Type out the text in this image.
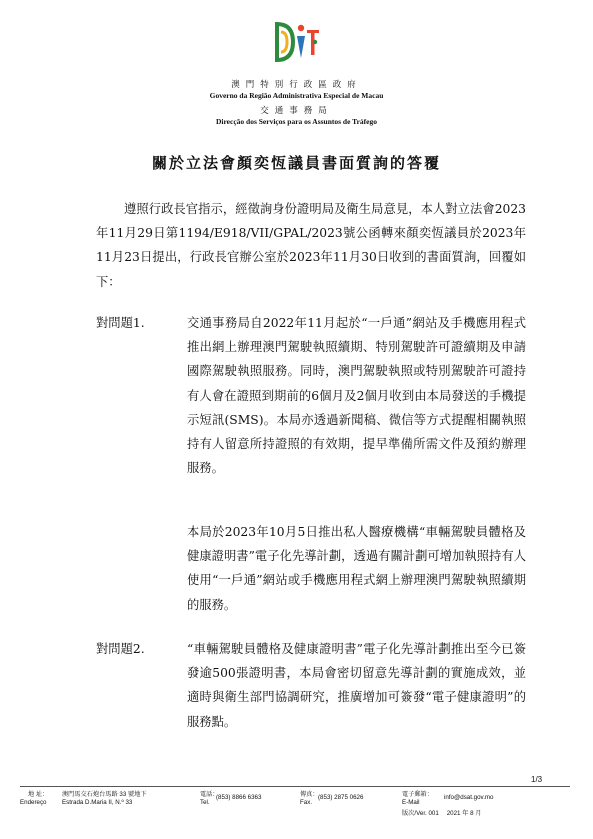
澳門特別行政區政府
Governo da Região Administrativa Especial de Macau
交通事務局
Direcção dos Serviços para os Assuntos de Tráfego
關於立法會顏奕恆議員書面質詢的答覆
遵照行政長官指示，經徵詢身份證明局及衛生局意見，本人對立法會2023年11月29日第1194/E918/VII/GPAL/2023號公函轉來顏奕恆議員於2023年11月23日提出，行政長官辦公室於2023年11月30日收到的書面質詢，回覆如下：
對問題1.	交通事務局自2022年11月起於“一戶通”網站及手機應用程式推出網上辦理澳門駕駛執照續期、特別駕駛許可證續期及申請國際駕駛執照服務。同時，澳門駕駛執照或特別駕駛許可證持有人會在證照到期前的6個月及2個月收到由本局發送的手機提示短訊(SMS)。本局亦透過新聞稿、微信等方式提醒相關執照持有人留意所持證照的有效期，提早準備所需文件及預約辦理服務。
本局於2023年10月5日推出私人醫療機構“車輛駕駛員體格及健康證明書”電子化先導計劃，透過有關計劃可增加執照持有人使用“一戶通”網站或手機應用程式網上辦理澳門駕駛執照續期的服務。
對問題2.	“車輛駕駛員體格及健康證明書”電子化先導計劃推出至今已簽發逾500張證明書，本局會密切留意先導計劃的實施成效，並適時與衛生部門協調研究，推廣增加可簽發“電子健康證明”的服務點。
1/3
地 址：
Endereço
澳門馬交石炮台馬路 33 號地下
Estrada D.Maria II, N.º 33
電話：
Tel.
(853) 8866 6363	傳真：
Fax.
(853) 2875 0626	電子郵箱：
E-Mail
info@dsat.gov.mo
版次/Ver. 001　 2021 年 8 月
